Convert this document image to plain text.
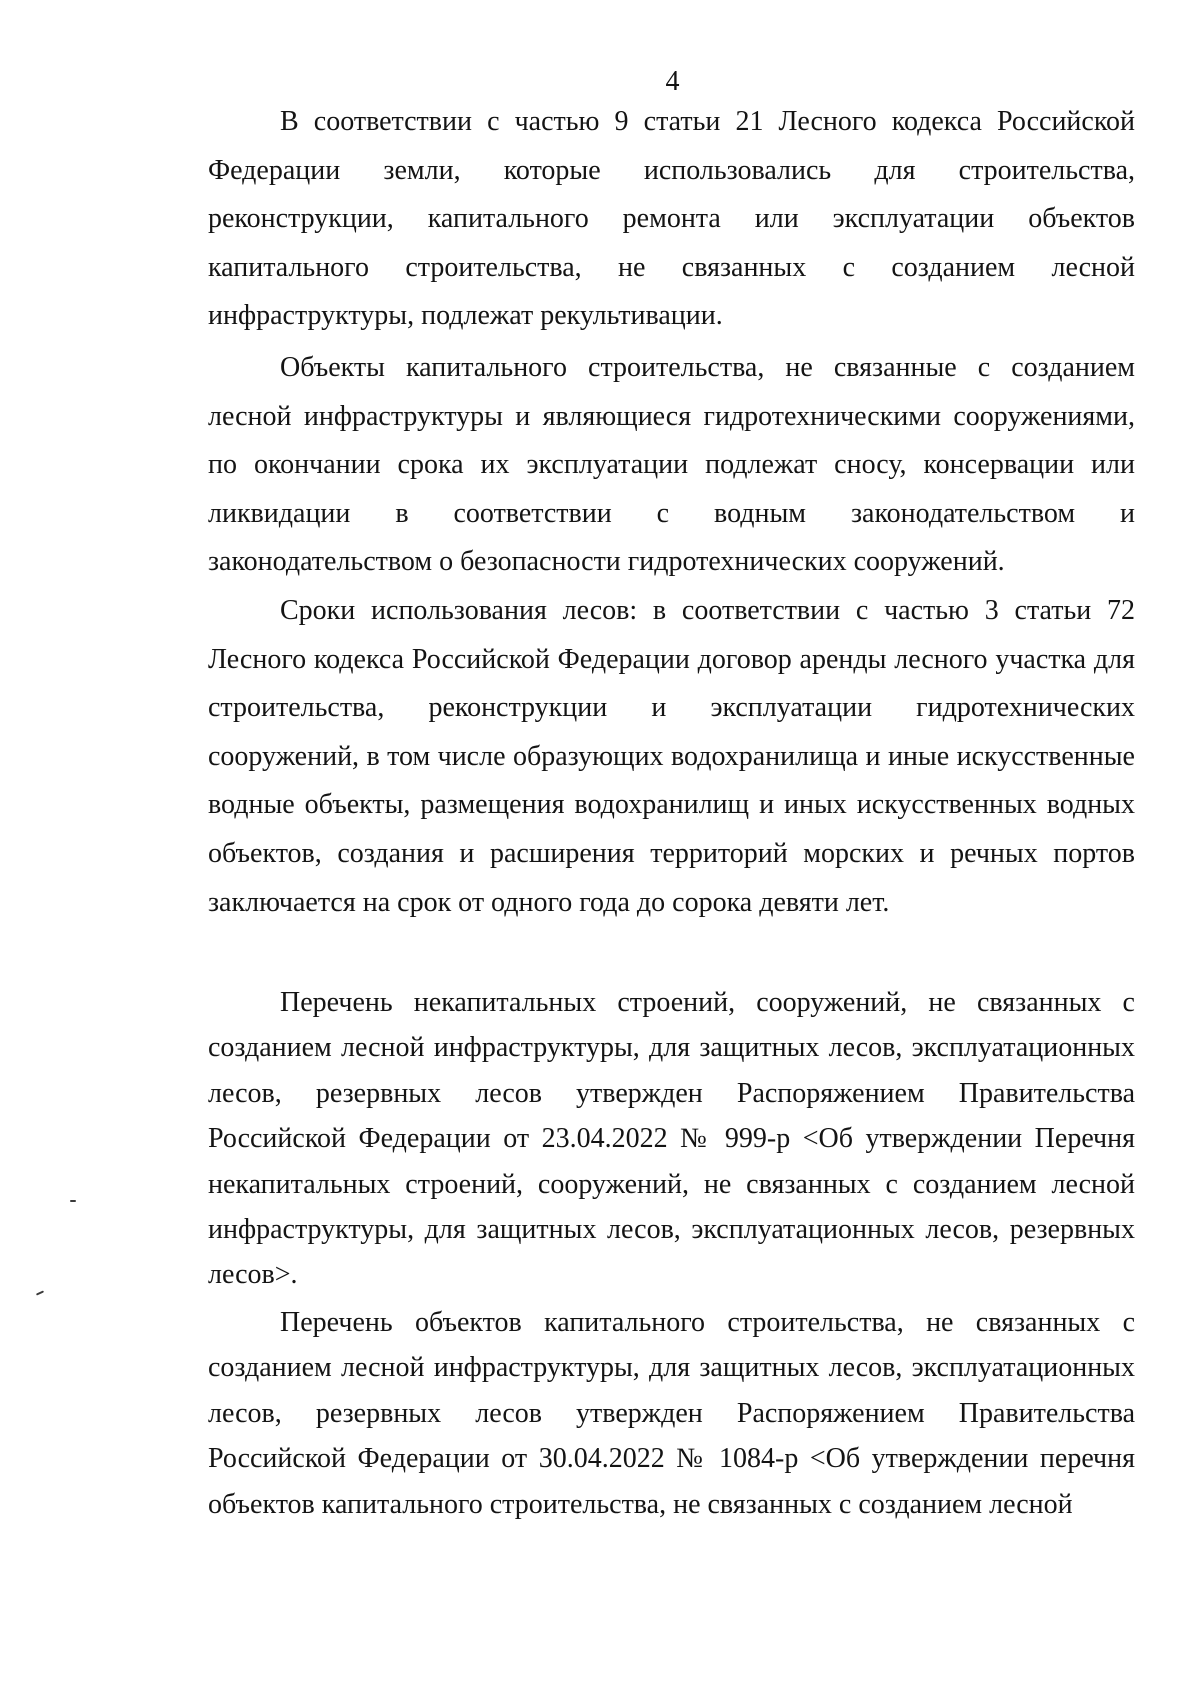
4

В соответствии с частью 9 статьи 21 Лесного кодекса Российской Федерации земли, которые использовались для строительства, реконструкции, капитального ремонта или эксплуатации объектов капитального строительства, не связанных с созданием лесной инфраструктуры, подлежат рекультивации.

Объекты капитального строительства, не связанные с созданием лесной инфраструктуры и являющиеся гидротехническими сооружениями, по окончании срока их эксплуатации подлежат сносу, консервации или ликвидации в соответствии с водным законодательством и законодательством о безопасности гидротехнических сооружений.

Сроки использования лесов: в соответствии с частью 3 статьи 72 Лесного кодекса Российской Федерации договор аренды лесного участка для строительства, реконструкции и эксплуатации гидротехнических сооружений, в том числе образующих водохранилища и иные искусственные водные объекты, размещения водохранилищ и иных искусственных водных объектов, создания и расширения территорий морских и речных портов заключается на срок от одного года до сорока девяти лет.

Перечень некапитальных строений, сооружений, не связанных с созданием лесной инфраструктуры, для защитных лесов, эксплуатационных лесов, резервных лесов утвержден Распоряжением Правительства Российской Федерации от 23.04.2022 № 999-р <Об утверждении Перечня некапитальных строений, сооружений, не связанных с созданием лесной инфраструктуры, для защитных лесов, эксплуатационных лесов, резервных лесов>.

Перечень объектов капитального строительства, не связанных с созданием лесной инфраструктуры, для защитных лесов, эксплуатационных лесов, резервных лесов утвержден Распоряжением Правительства Российской Федерации от 30.04.2022 № 1084-р <Об утверждении перечня объектов капитального строительства, не связанных с созданием лесной
